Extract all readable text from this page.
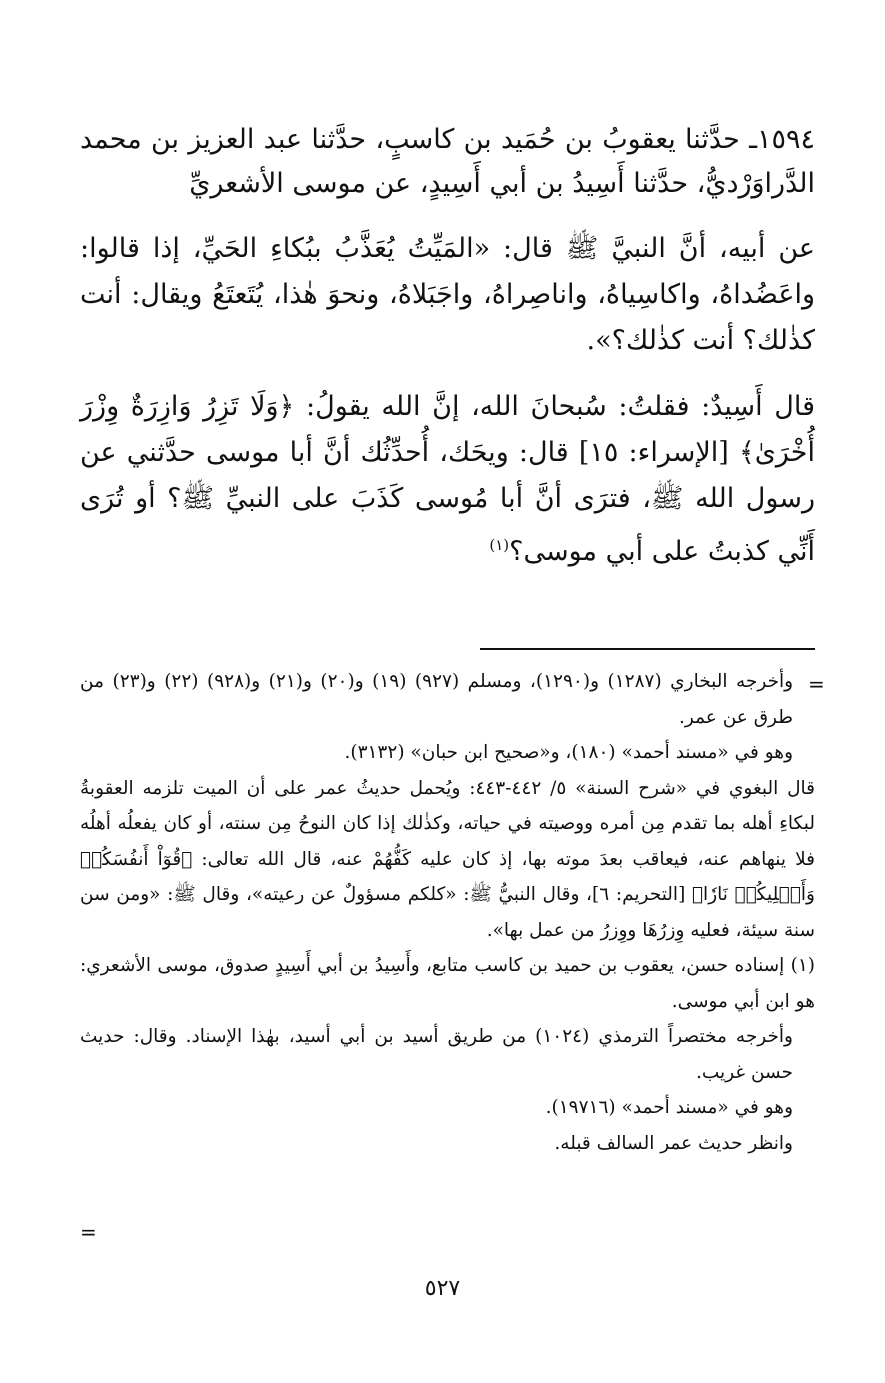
١٥٩٤ـ حدَّثنا يعقوبُ بن حُمَيد بن كاسبٍ، حدَّثنا عبد العزيز بن محمد الدَّراوَرْديُّ، حدَّثنا أَسِيدُ بن أبي أَسِيدٍ، عن موسى الأشعريِّ

عن أبيه، أنَّ النبيَّ ﷺ قال: «المَيِّتُ يُعَذَّبُ ببُكاءِ الحَيِّ، إذا قالوا: واعَضُداهُ، واكاسِياهُ، واناصِراهُ، واجَبَلاهُ، ونحوَ هٰذا، يُتَعتَعُ ويقال: أنت كذٰلك؟ أنت كذٰلك؟».

قال أَسِيدٌ: فقلتُ: سُبحانَ الله، إنَّ الله يقولُ: ﴿وَلَا تَزِرُ وَازِرَةٌ وِزْرَ أُخْرَىٰ﴾ [الإسراء: ١٥] قال: ويحَك، أُحدِّثُك أنَّ أبا موسى حدَّثني عن رسول الله ﷺ، فترَى أنَّ أبا مُوسى كَذَبَ على النبيِّ ﷺ؟ أو تُرَى أَنِّي كذبتُ على أبي موسى؟$^{(١)}$

=

وأخرجه البخاري (١٢٨٧) و(١٢٩٠)، ومسلم (٩٢٧) (١٩) و(٢٠) و(٢١) و(٩٢٨) (٢٢) و(٢٣) من طرق عن عمر.

وهو في «مسند أحمد» (١٨٠)، و«صحيح ابن حبان» (٣١٣٢).

قال البغوي في «شرح السنة» ٥/ ٤٤٢-٤٤٣: ويُحمل حديثُ عمر على أن الميت تلزمه العقوبةُ لبكاءِ أهله بما تقدم مِن أمره ووصيته في حياته، وكذٰلك إذا كان النوحُ مِن سنته، أو كان يفعلُه أهلُه فلا ينهاهم عنه، فيعاقب بعدَ موته بها، إذ كان عليه كَفُّهُمْ عنه، قال الله تعالى: ﴿قُوٓاْ أَنفُسَكُمۡ وَأَهۡلِيكُمۡ نَارٗا﴾ [التحريم: ٦]، وقال النبيُّ ﷺ: «كلكم مسؤولٌ عن رعيته»، وقال ﷺ: «ومن سن سنة سيئة، فعليه وِزرُهَا ووِزرُ من عمل بها».

(١) إسناده حسن، يعقوب بن حميد بن كاسب متابع، وأَسِيدُ بن أبي أَسِيدٍ صدوق، موسى الأشعري: هو ابن أبي موسى.

وأخرجه مختصراً الترمذي (١٠٢٤) من طريق أسيد بن أبي أسيد، بهٰذا الإسناد. وقال: حديث حسن غريب.

وهو في «مسند أحمد» (١٩٧١٦).

وانظر حديث عمر السالف قبله.

=
٥٢٧
